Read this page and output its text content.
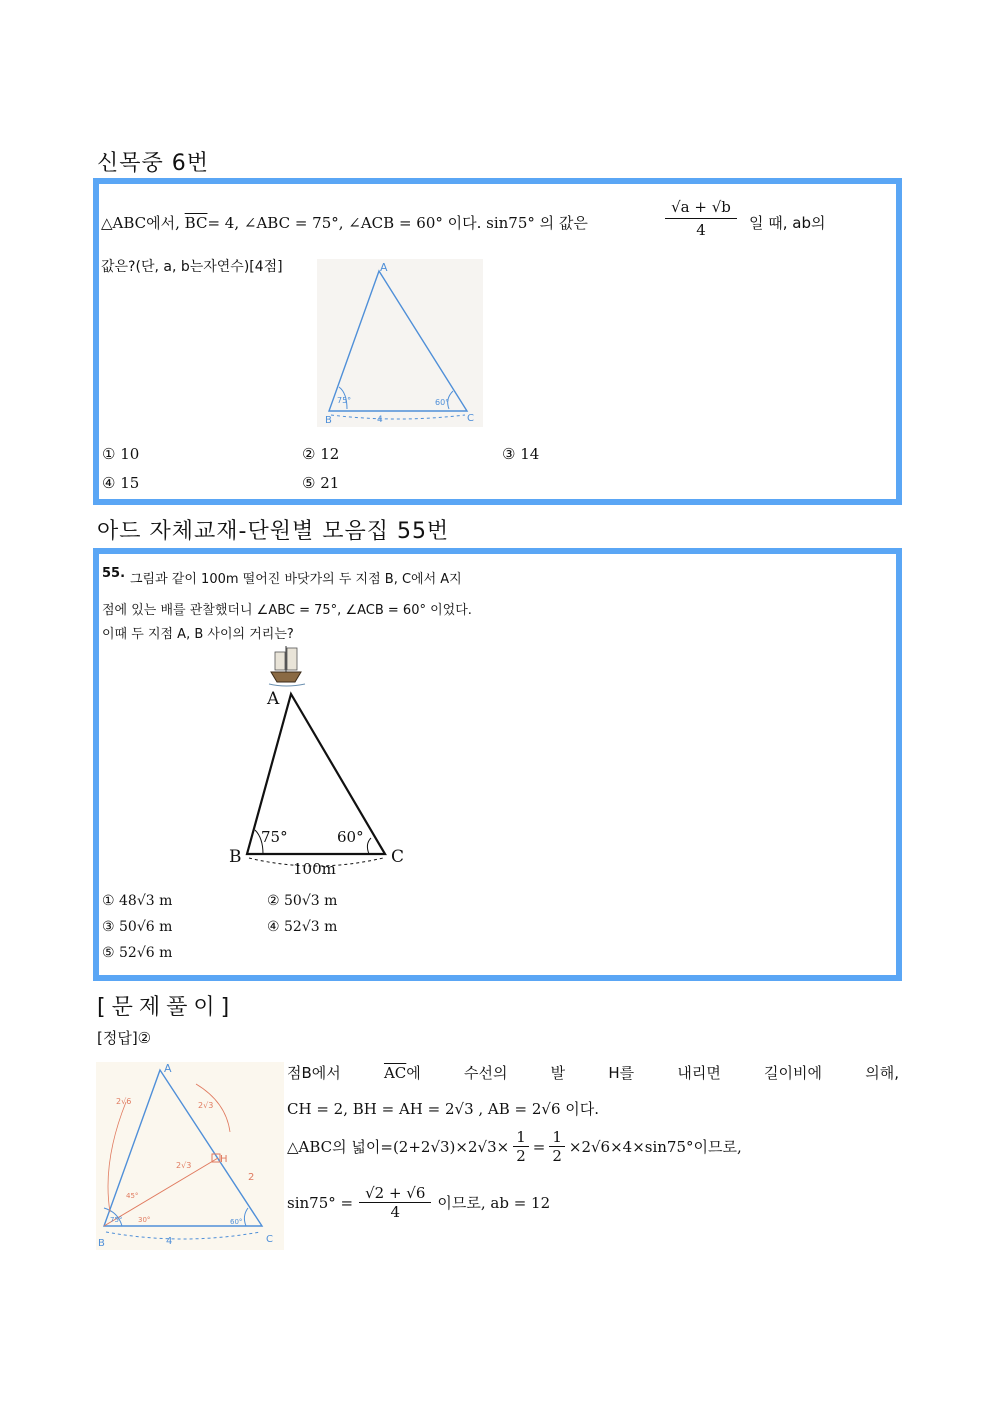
신목중 6번
△ABC에서, $\overline{BC}= 4$, ∠ABC = 75°, ∠ACB = 60° 이다. sin75° 의 값은	$\frac{√a + √b}{4}$ 일 때, ab의
값은?(단, a, b는자연수)[4점]	A
B	C
75°	60°
4
① 10	② 12	③ 14
④ 15	⑤ 21
아드 자체교재-단원별 모음집 55번
55. 그림과 같이 100m 떨어진 바닷가의 두 지점 B, C에서 A지
점에 있는 배를 관찰했더니 ∠ABC = 75°, ∠ACB = 60° 이었다.
이때 두 지점 A, B 사이의 거리는?
A
B	C
75°	60°
100m
① 48√3 m	② 50√3 m
③ 50√6 m	④ 52√3 m
⑤ 52√6 m
[문제풀이]
[정답]②
A
B	C
H
4
2
2√6	2√3
2√3
75°	60°
45°
30°
점B에서	$\overline{AC}$에	수선의	발	H를	내리면	길이비에	의해,
CH = 2, BH = AH = 2√3 , AB = 2√6 이다.
△ABC의 넓이$=(2+2√3)\times 2√3\times \frac{1}{2} = \frac{1}{2} \times 2√6\times 4\times\sin 75^\circ$이므로,
$\sin 75^\circ = \frac{√2 + √6}{4}$ 이므로, ab = 12
